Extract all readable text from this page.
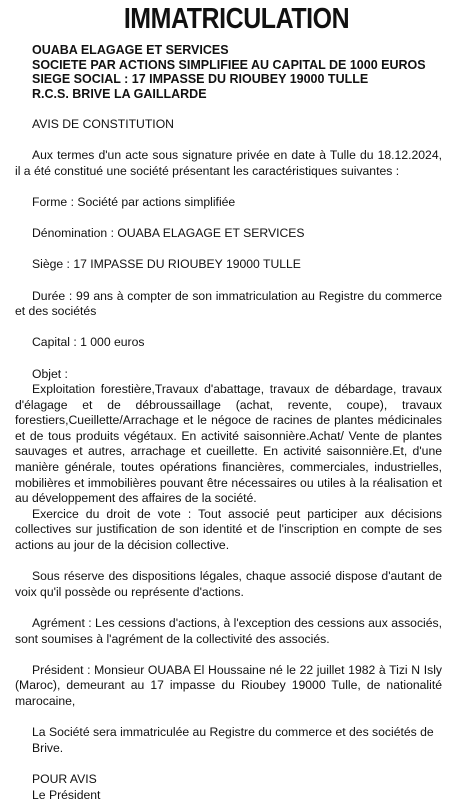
IMMATRICULATION
OUABA ELAGAGE ET SERVICES
SOCIETE PAR ACTIONS SIMPLIFIEE AU CAPITAL DE 1000 EUROS
SIEGE SOCIAL : 17 IMPASSE DU RIOUBEY 19000 TULLE
R.C.S. BRIVE LA GAILLARDE
AVIS DE CONSTITUTION
Aux termes d'un acte sous signature privée en date à Tulle du 18.12.2024, il a été constitué une société présentant les caractéristiques suivantes :
Forme : Société par actions simplifiée
Dénomination : OUABA ELAGAGE ET SERVICES
Siège : 17 IMPASSE DU RIOUBEY 19000 TULLE
Durée : 99 ans à compter de son immatriculation au Registre du commerce et des sociétés
Capital : 1 000 euros
Objet :
Exploitation forestière,Travaux d'abattage, travaux de débardage, travaux d'élagage et de débroussaillage (achat, revente, coupe), travaux forestiers,Cueillette/Arrachage et le négoce de racines de plantes médicinales et de tous produits végétaux. En activité saisonnière.Achat/ Vente de plantes sauvages et autres, arrachage et cueillette. En activité saisonnière.Et, d'une manière générale, toutes opérations financières, commerciales, industrielles, mobilières et immobilières pouvant être nécessaires ou utiles à la réalisation et au développement des affaires de la société.
Exercice du droit de vote : Tout associé peut participer aux décisions collectives sur justification de son identité et de l'inscription en compte de ses actions au jour de la décision collective.
Sous réserve des dispositions légales, chaque associé dispose d'autant de voix qu'il possède ou représente d'actions.
Agrément : Les cessions d'actions, à l'exception des cessions aux associés, sont soumises à l'agrément de la collectivité des associés.
Président : Monsieur OUABA El Houssaine né le 22 juillet 1982 à Tizi N Isly (Maroc), demeurant au 17 impasse du Rioubey 19000 Tulle, de nationalité marocaine,
La Société sera immatriculée au Registre du commerce et des sociétés de Brive.
POUR AVIS
Le Président
